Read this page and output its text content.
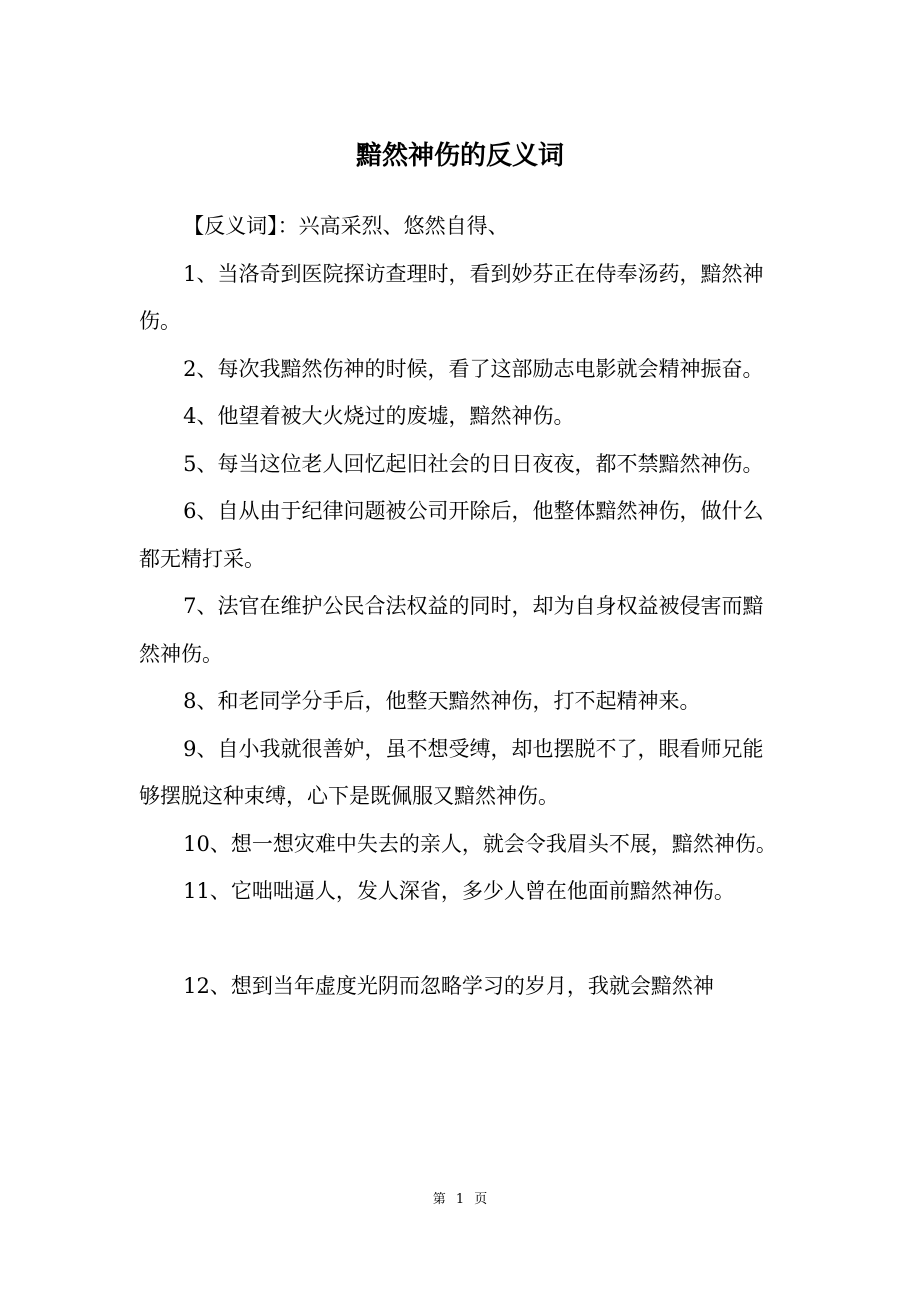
黯然神伤的反义词

【反义词】：兴高采烈、悠然自得、

1、当洛奇到医院探访查理时，看到妙芬正在侍奉汤药，黯然神伤。

2、每次我黯然伤神的时候，看了这部励志电影就会精神振奋。

4、他望着被大火烧过的废墟，黯然神伤。

5、每当这位老人回忆起旧社会的日日夜夜，都不禁黯然神伤。

6、自从由于纪律问题被公司开除后，他整体黯然神伤，做什么都无精打采。

7、法官在维护公民合法权益的同时，却为自身权益被侵害而黯然神伤。

8、和老同学分手后，他整天黯然神伤，打不起精神来。

9、自小我就很善妒，虽不想受缚，却也摆脱不了，眼看师兄能够摆脱这种束缚，心下是既佩服又黯然神伤。

10、想一想灾难中失去的亲人，就会令我眉头不展，黯然神伤。

11、它咄咄逼人，发人深省，多少人曾在他面前黯然神伤。

12、想到当年虚度光阴而忽略学习的岁月，我就会黯然神

第 1 页
